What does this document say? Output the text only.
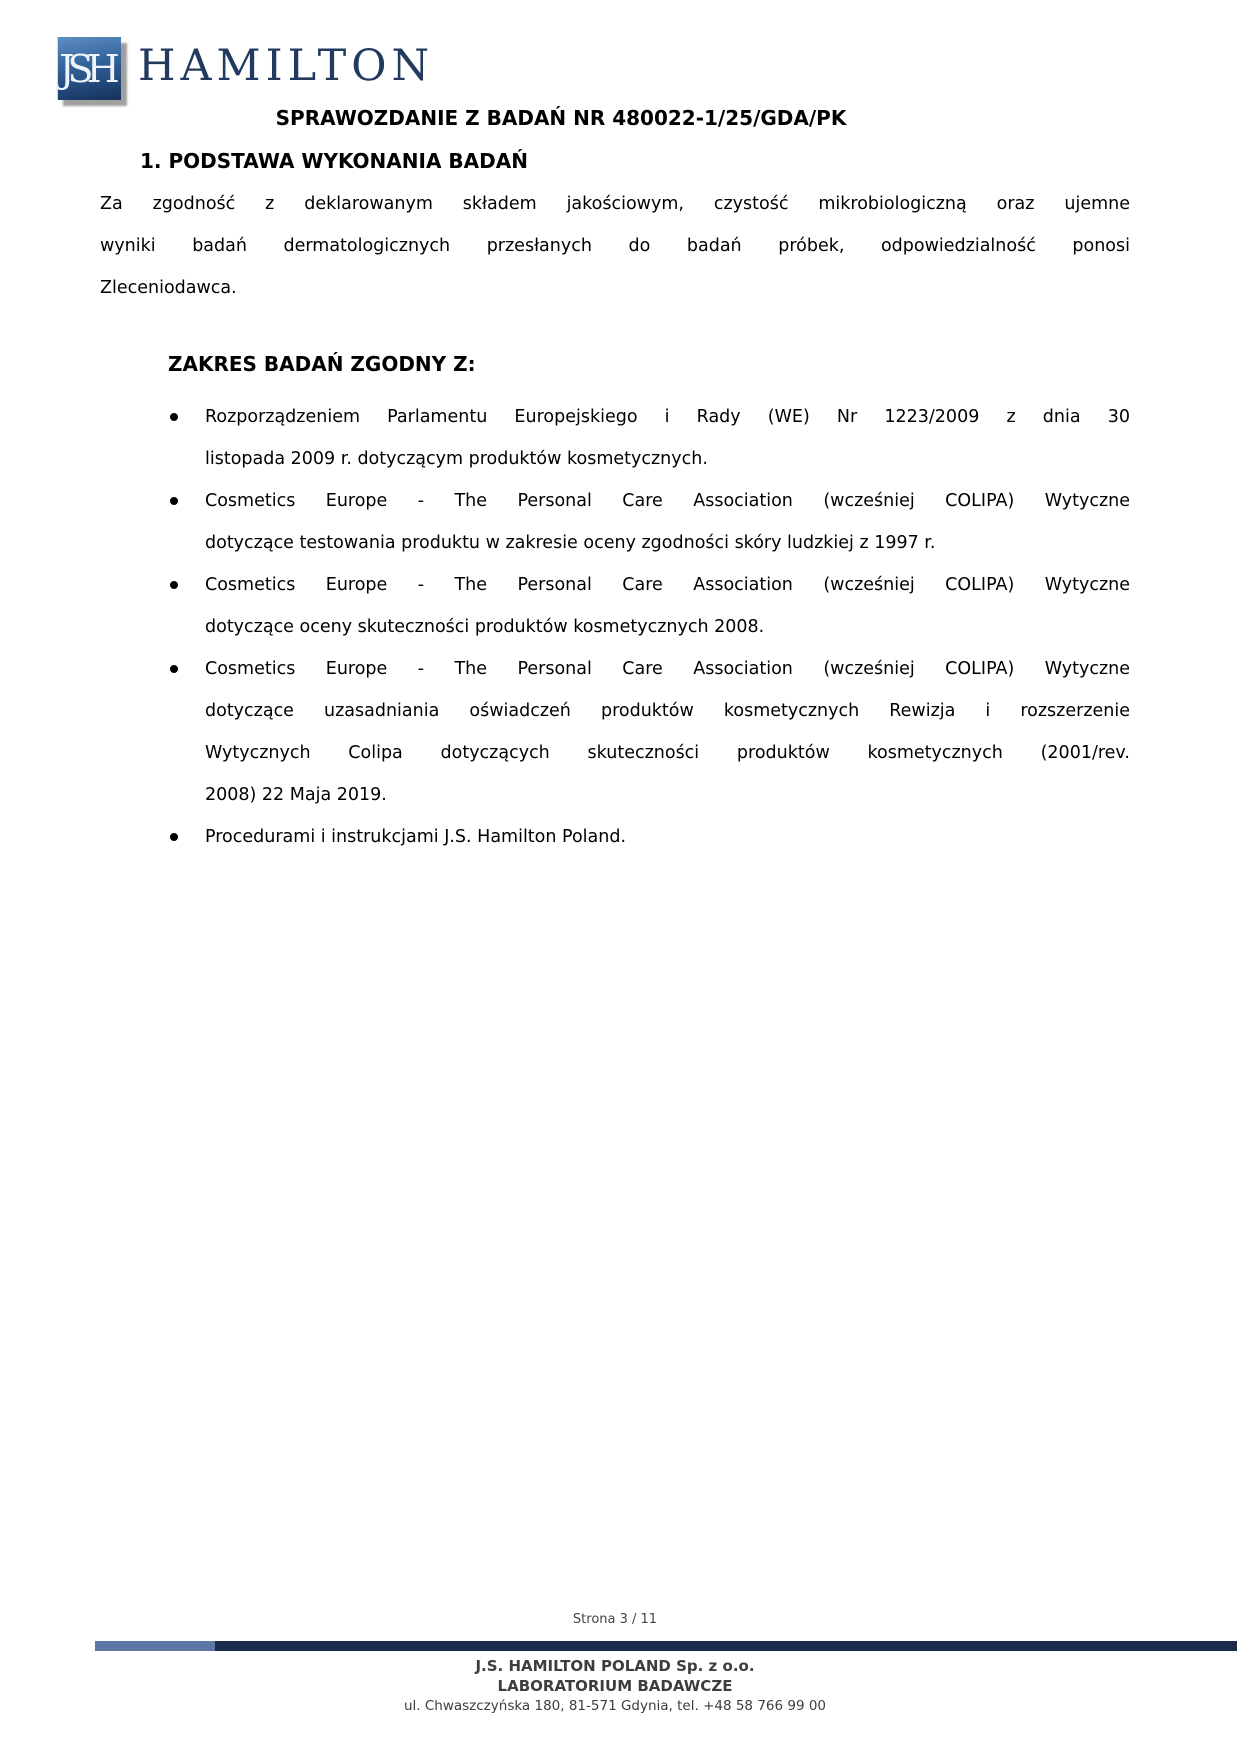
JSH HAMILTON
SPRAWOZDANIE Z BADAŃ NR 480022-1/25/GDA/PK
1. PODSTAWA WYKONANIA BADAŃ
Za zgodność z deklarowanym składem jakościowym, czystość mikrobiologiczną oraz ujemne
wyniki badań dermatologicznych przesłanych do badań próbek, odpowiedzialność ponosi
Zleceniodawca.
ZAKRES BADAŃ ZGODNY Z:
Rozporządzeniem Parlamentu Europejskiego i Rady (WE) Nr 1223/2009 z dnia 30
listopada 2009 r. dotyczącym produktów kosmetycznych.
Cosmetics Europe - The Personal Care Association (wcześniej COLIPA) Wytyczne
dotyczące testowania produktu w zakresie oceny zgodności skóry ludzkiej z 1997 r.
Cosmetics Europe - The Personal Care Association (wcześniej COLIPA) Wytyczne
dotyczące oceny skuteczności produktów kosmetycznych 2008.
Cosmetics Europe - The Personal Care Association (wcześniej COLIPA) Wytyczne
dotyczące uzasadniania oświadczeń produktów kosmetycznych Rewizja i rozszerzenie
Wytycznych Colipa dotyczących skuteczności produktów kosmetycznych (2001/rev.
2008) 22 Maja 2019.
Procedurami i instrukcjami J.S. Hamilton Poland.
Strona 3 / 11
J.S. HAMILTON POLAND Sp. z o.o.
LABORATORIUM BADAWCZE
ul. Chwaszczyńska 180, 81-571 Gdynia, tel. +48 58 766 99 00
